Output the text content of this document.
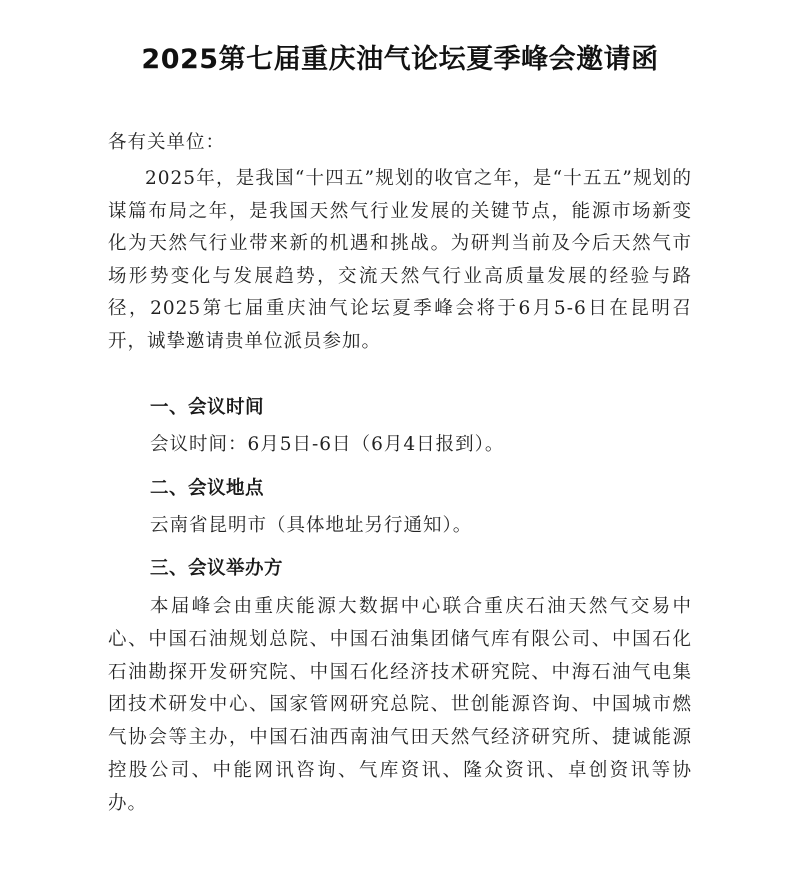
2025第七届重庆油气论坛夏季峰会邀请函
各有关单位：
2025年，是我国“十四五”规划的收官之年，是“十五五”规划的谋篇布局之年，是我国天然气行业发展的关键节点，能源市场新变化为天然气行业带来新的机遇和挑战。为研判当前及今后天然气市场形势变化与发展趋势，交流天然气行业高质量发展的经验与路径，2025第七届重庆油气论坛夏季峰会将于6月5-6日在昆明召开，诚挚邀请贵单位派员参加。
一、会议时间
会议时间：6月5日-6日（6月4日报到）。
二、会议地点
云南省昆明市（具体地址另行通知）。
三、会议举办方
本届峰会由重庆能源大数据中心联合重庆石油天然气交易中心、中国石油规划总院、中国石油集团储气库有限公司、中国石化石油勘探开发研究院、中国石化经济技术研究院、中海石油气电集团技术研发中心、国家管网研究总院、世创能源咨询、中国城市燃气协会等主办，中国石油西南油气田天然气经济研究所、捷诚能源控股公司、中能网讯咨询、气库资讯、隆众资讯、卓创资讯等协办。
